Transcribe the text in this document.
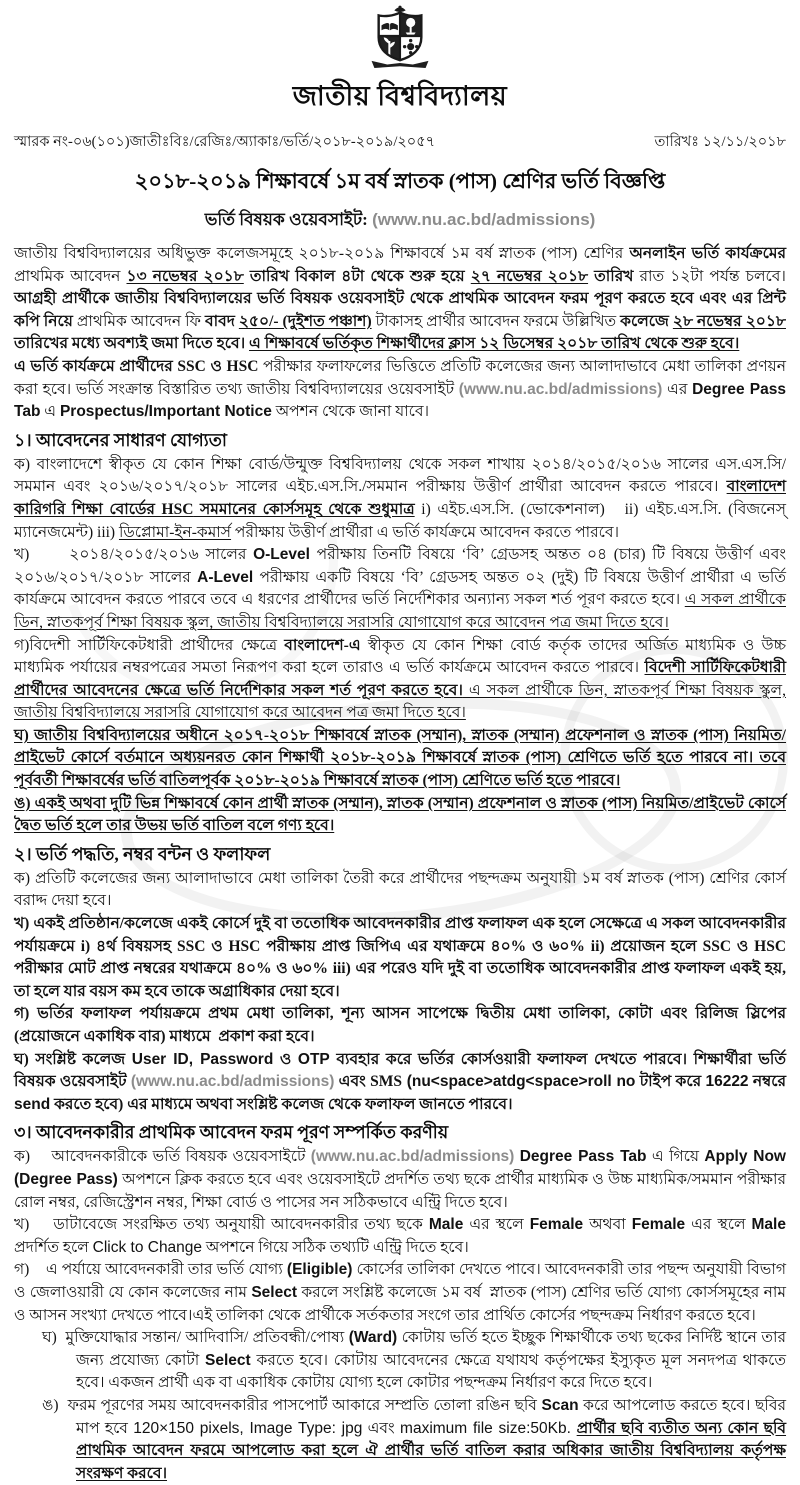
জাতীয় বিশ্ববিদ্যালয়
স্মারক নং-০৬(১০১)জাতীঃবিঃ/রেজিঃ/অ্যাকাঃ/ভর্তি/২০১৮-২০১৯/২০৫৭	তারিখঃ ১২/১১/২০১৮
২০১৮-২০১৯ শিক্ষাবর্ষে ১ম বর্ষ স্নাতক (পাস) শ্রেণির ভর্তি বিজ্ঞপ্তি
ভর্তি বিষয়ক ওয়েবসাইট: (www.nu.ac.bd/admissions)

জাতীয় বিশ্ববিদ্যালয়ের অধিভুক্ত কলেজসমূহে ২০১৮-২০১৯ শিক্ষাবর্ষে ১ম বর্ষ স্নাতক (পাস) শ্রেণির অনলাইন ভর্তি কার্যক্রমের প্রাথমিক আবেদন ১৩ নভেম্বর ২০১৮ তারিখ বিকাল ৪টা থেকে শুরু হয়ে ২৭ নভেম্বর ২০১৮ তারিখ রাত ১২টা পর্যন্ত চলবে। আগ্রহী প্রার্থীকে জাতীয় বিশ্ববিদ্যালয়ের ভর্তি বিষয়ক ওয়েবসাইট থেকে প্রাথমিক আবেদন ফরম পূরণ করতে হবে এবং এর প্রিন্ট কপি নিয়ে প্রাথমিক আবেদন ফি বাবদ ২৫০/- (দুইশত পঞ্চাশ) টাকাসহ প্রার্থীর আবেদন ফরমে উল্লিখিত কলেজে ২৮ নভেম্বর ২০১৮ তারিখের মধ্যে অবশ্যই জমা দিতে হবে। এ শিক্ষাবর্ষে ভর্তিকৃত শিক্ষার্থীদের ক্লাস ১২ ডিসেম্বর ২০১৮ তারিখ থেকে শুরু হবে।

এ ভর্তি কার্যক্রমে প্রার্থীদের SSC ও HSC পরীক্ষার ফলাফলের ভিত্তিতে প্রতিটি কলেজের জন্য আলাদাভাবে মেধা তালিকা প্রণয়ন করা হবে। ভর্তি সংক্রান্ত বিস্তারিত তথ্য জাতীয় বিশ্ববিদ্যালয়ের ওয়েবসাইট (www.nu.ac.bd/admissions) এর Degree Pass Tab এ Prospectus/Important Notice অপশন থেকে জানা যাবে।

১। আবেদনের সাধারণ যোগ্যতা

ক) বাংলাদেশে স্বীকৃত যে কোন শিক্ষা বোর্ড/উন্মুক্ত বিশ্ববিদ্যালয় থেকে সকল শাখায় ২০১৪/২০১৫/২০১৬ সালের এস.এস.সি/সমমান এবং ২০১৬/২০১৭/২০১৮ সালের এইচ.এস.সি./সমমান পরীক্ষায় উত্তীর্ণ প্রার্থীরা আবেদন করতে পারবে। বাংলাদেশ কারিগরি শিক্ষা বোর্ডের HSC সমমানের কোর্সসমূহ থেকে শুধুমাত্র i) এইচ.এস.সি. (ভোকেশনাল)   ii) এইচ.এস.সি. (বিজনেস্ ম্যানেজমেন্ট) iii) ডিপ্লোমা-ইন-কমার্স পরীক্ষায় উত্তীর্ণ প্রার্থীরা এ ভর্তি কার্যক্রমে আবেদন করতে পারবে।

খ)      ২০১৪/২০১৫/২০১৬ সালের O-Level পরীক্ষায় তিনটি বিষয়ে ‘বি’ গ্রেডসহ অন্তত ০৪ (চার) টি বিষয়ে উত্তীর্ণ এবং ২০১৬/২০১৭/২০১৮ সালের A-Level পরীক্ষায় একটি বিষয়ে ‘বি’ গ্রেডসহ অন্তত ০২ (দুই) টি বিষয়ে উত্তীর্ণ প্রার্থীরা এ ভর্তি কার্যক্রমে আবেদন করতে পারবে তবে এ ধরণের প্রার্থীদের ভর্তি নির্দেশিকার অন্যান্য সকল শর্ত পূরণ করতে হবে। এ সকল প্রার্থীকে ডিন, স্নাতকপূর্ব শিক্ষা বিষয়ক স্কুল, জাতীয় বিশ্ববিদ্যালয়ে সরাসরি যোগাযোগ করে আবেদন পত্র জমা দিতে হবে।

গ)বিদেশী সার্টিফিকেটধারী প্রার্থীদের ক্ষেত্রে বাংলাদেশ-এ স্বীকৃত যে কোন শিক্ষা বোর্ড কর্তৃক তাদের অর্জিত মাধ্যমিক ও উচ্চ মাধ্যমিক পর্যায়ের নম্বরপত্রের সমতা নিরূপণ করা হলে তারাও এ ভর্তি কার্যক্রমে আবেদন করতে পারবে। বিদেশী সার্টিফিকেটধারী প্রার্থীদের আবেদনের ক্ষেত্রে ভর্তি নির্দেশিকার সকল শর্ত পূরণ করতে হবে। এ সকল প্রার্থীকে ডিন, স্নাতকপূর্ব শিক্ষা বিষয়ক স্কুল, জাতীয় বিশ্ববিদ্যালয়ে সরাসরি যোগাযোগ করে আবেদন পত্র জমা দিতে হবে।

ঘ) জাতীয় বিশ্ববিদ্যালয়ের অধীনে ২০১৭-২০১৮ শিক্ষাবর্ষে স্নাতক (সম্মান), স্নাতক (সম্মান) প্রফেশনাল ও স্নাতক (পাস) নিয়মিত/প্রাইভেট কোর্সে বর্তমানে অধ্যয়নরত কোন শিক্ষার্থী ২০১৮-২০১৯ শিক্ষাবর্ষে স্নাতক (পাস) শ্রেণিতে ভর্তি হতে পারবে না। তবে পূর্ববর্তী শিক্ষাবর্ষের ভর্তি বাতিলপূর্বক ২০১৮-২০১৯ শিক্ষাবর্ষে স্নাতক (পাস) শ্রেণিতে ভর্তি হতে পারবে।

ঙ) একই অথবা দুটি ভিন্ন শিক্ষাবর্ষে কোন প্রার্থী স্নাতক (সম্মান), স্নাতক (সম্মান) প্রফেশনাল ও স্নাতক (পাস) নিয়মিত/প্রাইভেট কোর্সে দ্বৈত ভর্তি হলে তার উভয় ভর্তি বাতিল বলে গণ্য হবে।

২। ভর্তি পদ্ধতি, নম্বর বন্টন ও ফলাফল

ক) প্রতিটি কলেজের জন্য আলাদাভাবে মেধা তালিকা তৈরী করে প্রার্থীদের পছন্দক্রম অনুযায়ী ১ম বর্ষ স্নাতক (পাস) শ্রেণির কোর্স বরাদ্দ দেয়া হবে।

খ) একই প্রতিষ্ঠান/কলেজে একই কোর্সে দুই বা ততোধিক আবেদনকারীর প্রাপ্ত ফলাফল এক হলে সেক্ষেত্রে এ সকল আবেদনকারীর পর্যায়ক্রমে i) ৪র্থ বিষয়সহ SSC ও HSC পরীক্ষায় প্রাপ্ত জিপিএ এর যথাক্রমে ৪০% ও ৬০% ii) প্রয়োজন হলে SSC ও HSC পরীক্ষার মোট প্রাপ্ত নম্বরের যথাক্রমে ৪০% ও ৬০% iii) এর পরেও যদি দুই বা ততোধিক আবেদনকারীর প্রাপ্ত ফলাফল একই হয়, তা হলে যার বয়স কম হবে তাকে অগ্রাধিকার দেয়া হবে।

গ) ভর্তির ফলাফল পর্যায়ক্রমে প্রথম মেধা তালিকা, শূন্য আসন সাপেক্ষে দ্বিতীয় মেধা তালিকা, কোটা এবং রিলিজ স্লিপের (প্রয়োজনে একাধিক বার) মাধ্যমে  প্রকাশ করা হবে।

ঘ) সংশ্লিষ্ট কলেজ User ID, Password ও OTP ব্যবহার করে ভর্তির কোর্সওয়ারী ফলাফল দেখতে পারবে। শিক্ষার্থীরা ভর্তি বিষয়ক ওয়েবসাইট (www.nu.ac.bd/admissions) এবং SMS (nu<space>atdg<space>roll no টাইপ করে 16222 নম্বরে send করতে হবে) এর মাধ্যমে অথবা সংশ্লিষ্ট কলেজ থেকে ফলাফল জানতে পারবে।

৩। আবেদনকারীর প্রাথমিক আবেদন ফরম পূরণ সম্পর্কিত করণীয়

ক)    আবেদনকারীকে ভর্তি বিষয়ক ওয়েবসাইটে (www.nu.ac.bd/admissions) Degree Pass Tab এ গিয়ে Apply Now (Degree Pass) অপশনে ক্লিক করতে হবে এবং ওয়েবসাইটে প্রদর্শিত তথ্য ছকে প্রার্থীর মাধ্যমিক ও উচ্চ মাধ্যমিক/সমমান পরীক্ষার রোল নম্বর, রেজিস্ট্রেশন নম্বর, শিক্ষা বোর্ড ও পাসের সন সঠিকভাবে এন্ট্রি দিতে হবে।

খ)    ডাটাবেজে সংরক্ষিত তথ্য অনুযায়ী আবেদনকারীর তথ্য ছকে Male এর স্থলে Female অথবা Female এর স্থলে Male প্রদর্শিত হলে Click to Change অপশনে গিয়ে সঠিক তথ্যটি এন্ট্রি দিতে হবে।

গ)    এ পর্যায়ে আবেদনকারী তার ভর্তি যোগ্য (Eligible) কোর্সের তালিকা দেখতে পাবে। আবেদনকারী তার পছন্দ অনুযায়ী বিভাগ ও জেলাওয়ারী যে কোন কলেজের নাম Select করলে সংশ্লিষ্ট কলেজে ১ম বর্ষ  স্নাতক (পাস) শ্রেণির ভর্তি যোগ্য কোর্সসমূহের নাম ও আসন সংখ্যা দেখতে পাবে।এই তালিকা থেকে প্রার্থীকে সর্তকতার সংগে তার প্রার্থিত কোর্সের পছন্দক্রম নির্ধারণ করতে হবে।

ঘ)  মুক্তিযোদ্ধার সন্তান/ আদিবাসি/ প্রতিবন্ধী/পোষ্য (Ward) কোটায় ভর্তি হতে ইচ্ছুক শিক্ষার্থীকে তথ্য ছকের নির্দিষ্ট স্থানে তার জন্য প্রযোজ্য কোটা Select করতে হবে। কোটায় আবেদনের ক্ষেত্রে যথাযথ কর্তৃপক্ষের ইস্যুকৃত মূল সনদপত্র থাকতে হবে। একজন প্রার্থী এক বা একাধিক কোটায় যোগ্য হলে কোটার পছন্দক্রম নির্ধারণ করে দিতে হবে।

ঙ)  ফরম পূরণের সময় আবেদনকারীর পাসপোর্ট আকারে সম্প্রতি তোলা রঙিন ছবি Scan করে আপলোড করতে হবে। ছবির মাপ হবে 120×150 pixels, Image Type: jpg এবং maximum file size:50Kb. প্রার্থীর ছবি ব্যতীত অন্য কোন ছবি প্রাথমিক আবেদন ফরমে আপলোড করা হলে ঐ প্রার্থীর ভর্তি বাতিল করার অধিকার জাতীয় বিশ্ববিদ্যালয় কর্তৃপক্ষ সংরক্ষণ করবে।
